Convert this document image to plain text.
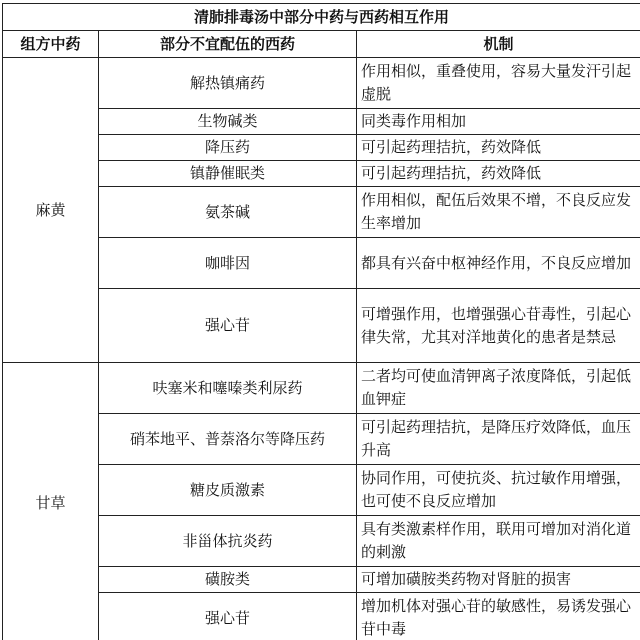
清肺排毒汤中部分中药与西药相互作用		
组方中药	部分不宜配伍的西药	机制
麻黄	解热镇痛药	作用相似，重叠使用，容易大量发汗引起虚脱
	生物碱类	同类毒作用相加
	降压药	可引起药理拮抗，药效降低
	镇静催眠类	可引起药理拮抗，药效降低
	氨茶碱	作用相似，配伍后效果不增，不良反应发生率增加
	咖啡因	都具有兴奋中枢神经作用，不良反应增加
	强心苷	可增强作用，也增强强心苷毒性，引起心律失常，尤其对洋地黄化的患者是禁忌
甘草	呋塞米和噻嗪类利尿药	二者均可使血清钾离子浓度降低，引起低血钾症
	硝苯地平、普萘洛尔等降压药	可引起药理拮抗，是降压疗效降低，血压升高
	糖皮质激素	协同作用，可使抗炎、抗过敏作用增强，也可使不良反应增加
	非甾体抗炎药	具有类激素样作用，联用可增加对消化道的刺激
	磺胺类	可增加磺胺类药物对肾脏的损害
	强心苷	增加机体对强心苷的敏感性，易诱发强心苷中毒
